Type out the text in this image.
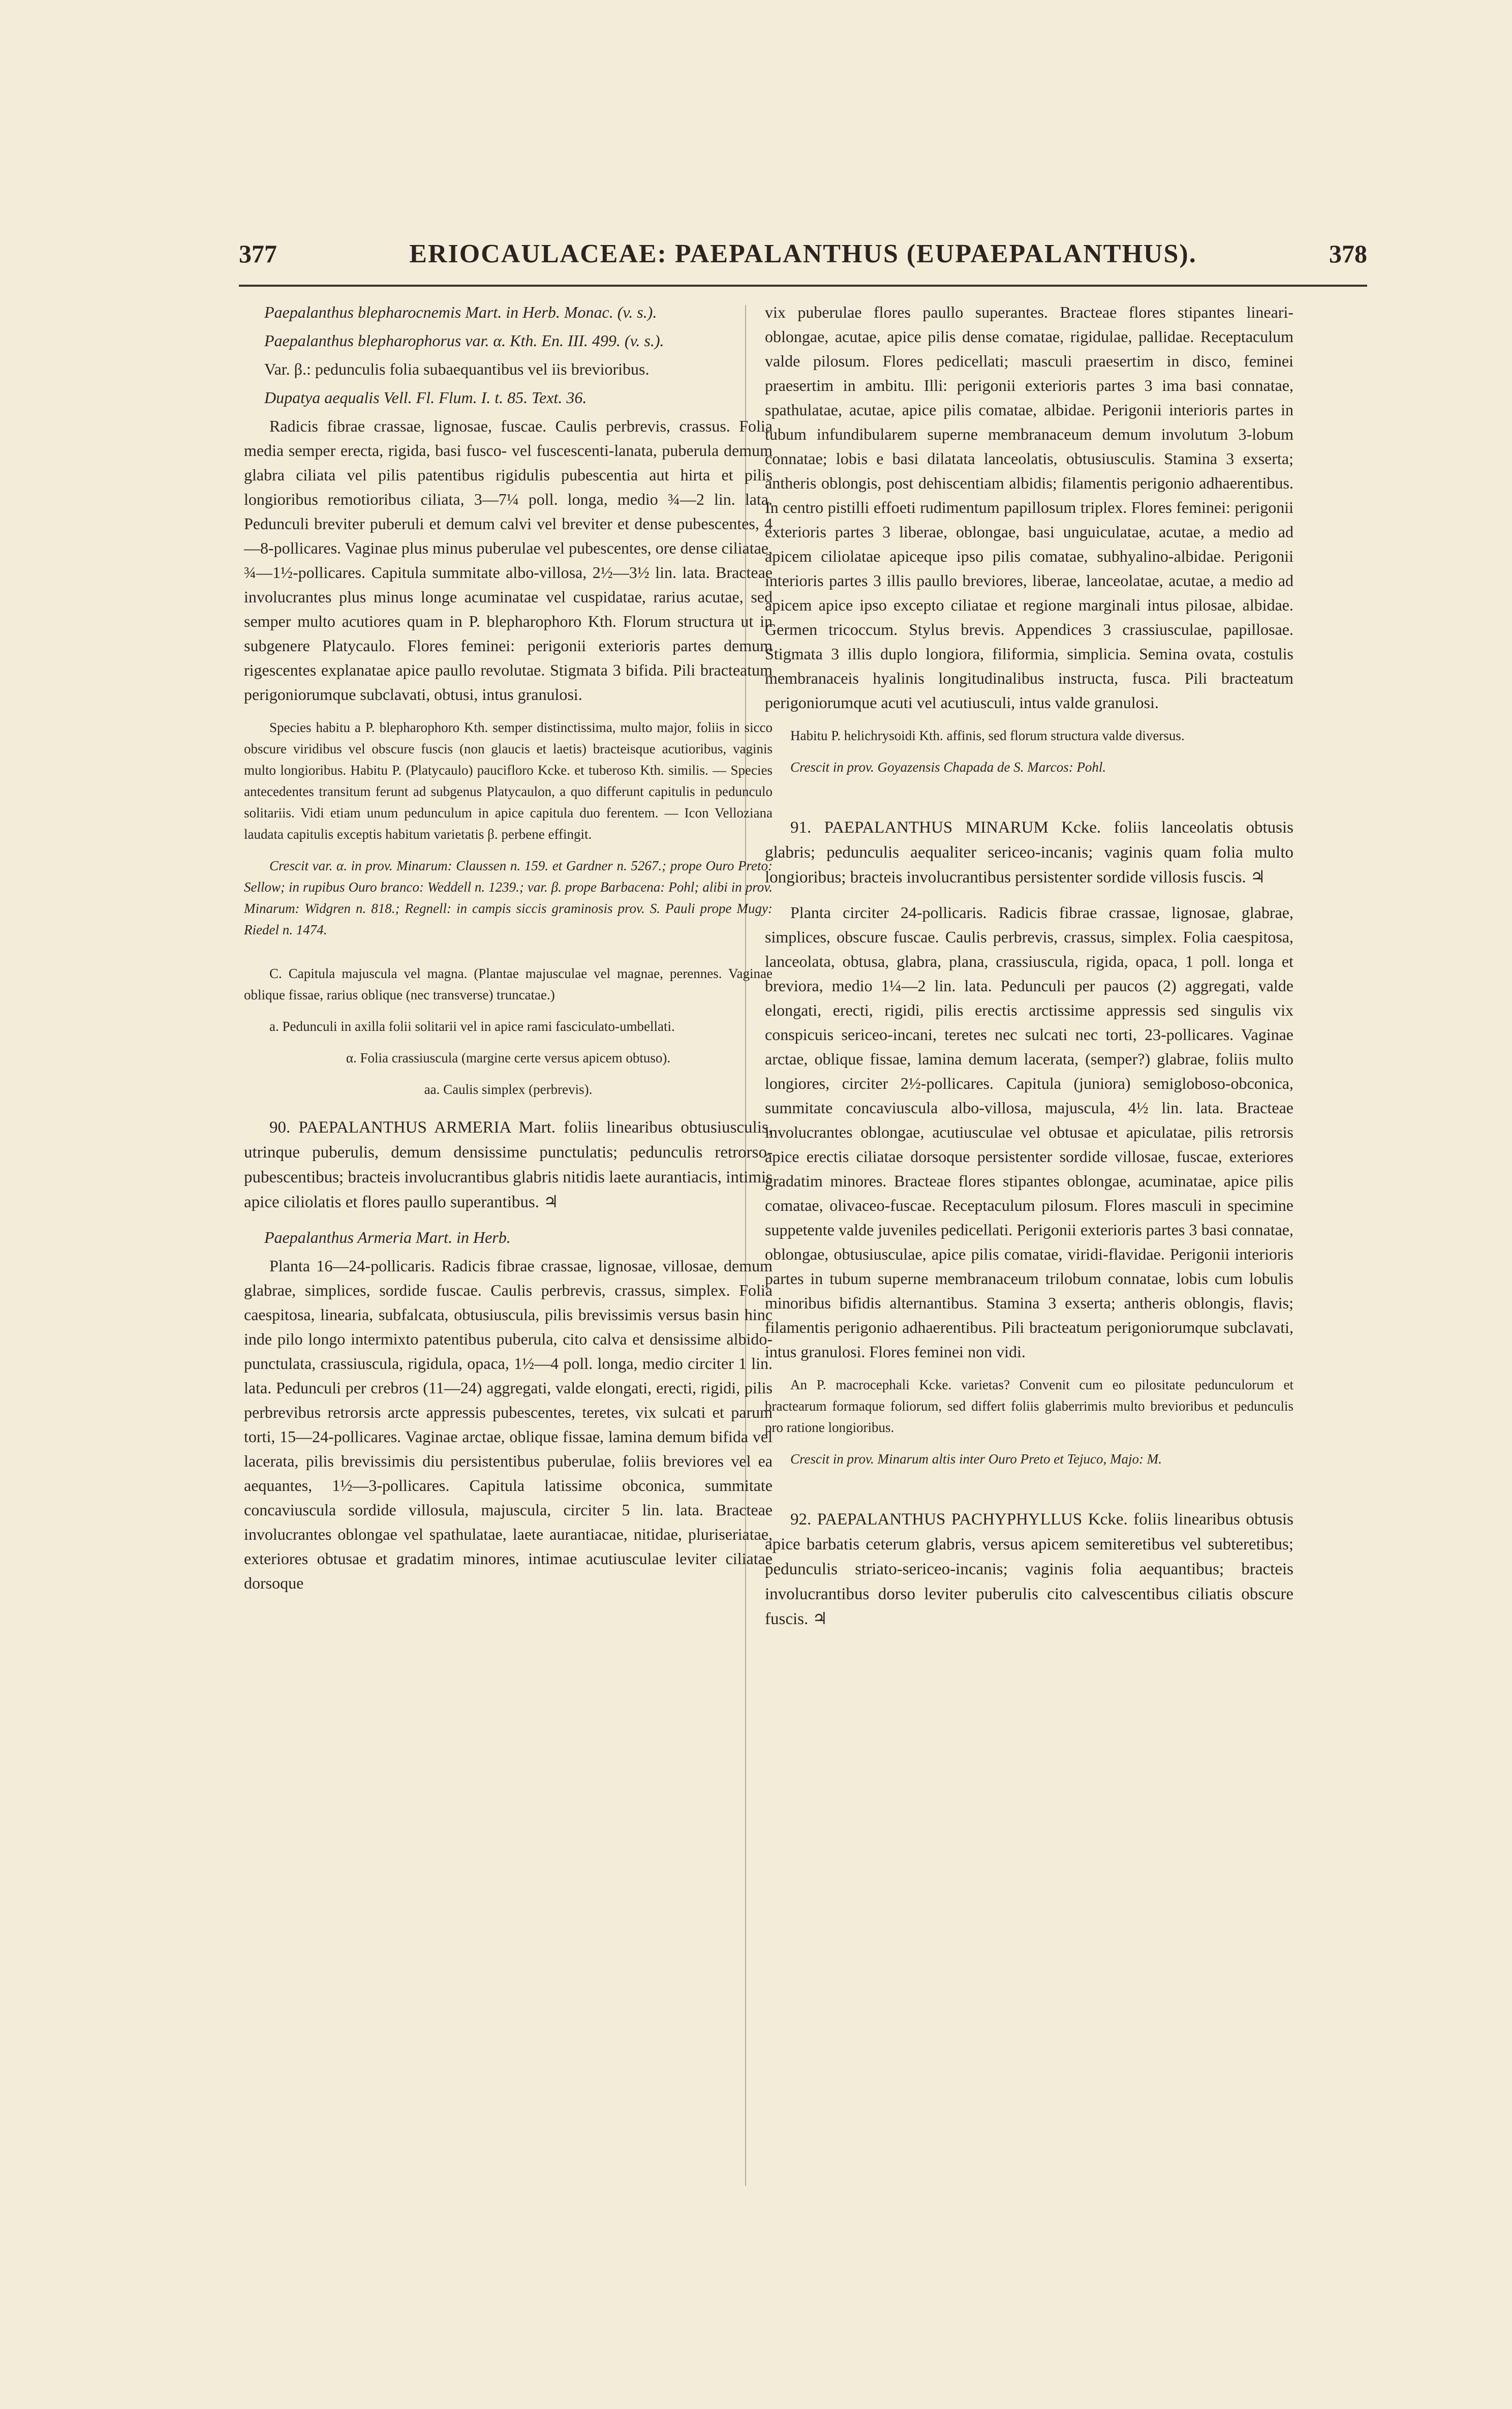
377	ERIOCAULACEAE: PAEPALANTHUS (EUPAEPALANTHUS).	378

Paepalanthus blepharocnemis Mart. in Herb. Monac. (v. s.).

Paepalanthus blepharophorus var. α. Kth. En. III. 499. (v. s.).

Var. β.: pedunculis folia subaequantibus vel iis brevioribus.

Dupatya aequalis Vell. Fl. Flum. I. t. 85. Text. 36.

Radicis fibrae crassae, lignosae, fuscae. Caulis perbrevis, crassus. Folia media semper erecta, rigida, basi fusco- vel fuscescenti-lanata, puberula demum glabra ciliata vel pilis patentibus rigidulis pubescentia aut hirta et pilis longioribus remotioribus ciliata, 3—7¼ poll. longa, medio ¾—2 lin. lata. Pedunculi breviter puberuli et demum calvi vel breviter et dense pubescentes, 4—8-pollicares. Vaginae plus minus puberulae vel pubescentes, ore dense ciliatae, ¾—1½-pollicares. Capitula summitate albo-villosa, 2½—3½ lin. lata. Bracteae involucrantes plus minus longe acuminatae vel cuspidatae, rarius acutae, sed semper multo acutiores quam in P. blepharophoro Kth. Florum structura ut in subgenere Platycaulo. Flores feminei: perigonii exterioris partes demum rigescentes explanatae apice paullo revolutae. Stigmata 3 bifida. Pili bracteatum perigoniorumque subclavati, obtusi, intus granulosi.

Species habitu a P. blepharophoro Kth. semper distinctissima, multo major, foliis in sicco obscure viridibus vel obscure fuscis (non glaucis et laetis) bracteisque acutioribus, vaginis multo longioribus. Habitu P. (Platycaulo) paucifloro Kcke. et tuberoso Kth. similis. — Species antecedentes transitum ferunt ad subgenus Platycaulon, a quo differunt capitulis in pedunculo solitariis. Vidi etiam unum pedunculum in apice capitula duo ferentem. — Icon Velloziana laudata capitulis exceptis habitum varietatis β. perbene effingit.

Crescit var. α. in prov. Minarum: Claussen n. 159. et Gardner n. 5267.; prope Ouro Preto: Sellow; in rupibus Ouro branco: Weddell n. 1239.; var. β. prope Barbacena: Pohl; alibi in prov. Minarum: Widgren n. 818.; Regnell: in campis siccis graminosis prov. S. Pauli prope Mugy: Riedel n. 1474.

C. Capitula majuscula vel magna. (Plantae majusculae vel magnae, perennes. Vaginae oblique fissae, rarius oblique (nec transverse) truncatae.)

a. Pedunculi in axilla folii solitarii vel in apice rami fasciculato-umbellati.

α. Folia crassiuscula (margine certe versus apicem obtuso).

aa. Caulis simplex (perbrevis).

90. PAEPALANTHUS ARMERIA Mart. foliis linearibus obtusiusculis, utrinque puberulis, demum densissime punctulatis; pedunculis retrorso-pubescentibus; bracteis involucrantibus glabris nitidis laete aurantiacis, intimis apice ciliolatis et flores paullo superantibus. ♃

Paepalanthus Armeria Mart. in Herb.

Planta 16—24-pollicaris. Radicis fibrae crassae, lignosae, villosae, demum glabrae, simplices, sordide fuscae. Caulis perbrevis, crassus, simplex. Folia caespitosa, linearia, subfalcata, obtusiuscula, pilis brevissimis versus basin hinc inde pilo longo intermixto patentibus puberula, cito calva et densissime albido-punctulata, crassiuscula, rigidula, opaca, 1½—4 poll. longa, medio circiter 1 lin. lata. Pedunculi per crebros (11—24) aggregati, valde elongati, erecti, rigidi, pilis perbrevibus retrorsis arcte appressis pubescentes, teretes, vix sulcati et parum torti, 15—24-pollicares. Vaginae arctae, oblique fissae, lamina demum bifida vel lacerata, pilis brevissimis diu persistentibus puberulae, foliis breviores vel ea aequantes, 1½—3-pollicares. Capitula latissime obconica, summitate concaviuscula sordide villosula, majuscula, circiter 5 lin. lata. Bracteae involucrantes oblongae vel spathulatae, laete aurantiacae, nitidae, pluriseriatae, exteriores obtusae et gradatim minores, intimae acutiusculae leviter ciliatae dorsoque

vix puberulae flores paullo superantes. Bracteae flores stipantes lineari-oblongae, acutae, apice pilis dense comatae, rigidulae, pallidae. Receptaculum valde pilosum. Flores pedicellati; masculi praesertim in disco, feminei praesertim in ambitu. Illi: perigonii exterioris partes 3 ima basi connatae, spathulatae, acutae, apice pilis comatae, albidae. Perigonii interioris partes in tubum infundibularem superne membranaceum demum involutum 3-lobum connatae; lobis e basi dilatata lanceolatis, obtusiusculis. Stamina 3 exserta; antheris oblongis, post dehiscentiam albidis; filamentis perigonio adhaerentibus. In centro pistilli effoeti rudimentum papillosum triplex. Flores feminei: perigonii exterioris partes 3 liberae, oblongae, basi unguiculatae, acutae, a medio ad apicem ciliolatae apiceque ipso pilis comatae, subhyalino-albidae. Perigonii interioris partes 3 illis paullo breviores, liberae, lanceolatae, acutae, a medio ad apicem apice ipso excepto ciliatae et regione marginali intus pilosae, albidae. Germen tricoccum. Stylus brevis. Appendices 3 crassiusculae, papillosae. Stigmata 3 illis duplo longiora, filiformia, simplicia. Semina ovata, costulis membranaceis hyalinis longitudinalibus instructa, fusca. Pili bracteatum perigoniorumque acuti vel acutiusculi, intus valde granulosi.

Habitu P. helichrysoidi Kth. affinis, sed florum structura valde diversus.

Crescit in prov. Goyazensis Chapada de S. Marcos: Pohl.

91. PAEPALANTHUS MINARUM Kcke. foliis lanceolatis obtusis glabris; pedunculis aequaliter sericeo-incanis; vaginis quam folia multo longioribus; bracteis involucrantibus persistenter sordide villosis fuscis. ♃

Planta circiter 24-pollicaris. Radicis fibrae crassae, lignosae, glabrae, simplices, obscure fuscae. Caulis perbrevis, crassus, simplex. Folia caespitosa, lanceolata, obtusa, glabra, plana, crassiuscula, rigida, opaca, 1 poll. longa et breviora, medio 1¼—2 lin. lata. Pedunculi per paucos (2) aggregati, valde elongati, erecti, rigidi, pilis erectis arctissime appressis sed singulis vix conspicuis sericeo-incani, teretes nec sulcati nec torti, 23-pollicares. Vaginae arctae, oblique fissae, lamina demum lacerata, (semper?) glabrae, foliis multo longiores, circiter 2½-pollicares. Capitula (juniora) semigloboso-obconica, summitate concaviuscula albo-villosa, majuscula, 4½ lin. lata. Bracteae involucrantes oblongae, acutiusculae vel obtusae et apiculatae, pilis retrorsis apice erectis ciliatae dorsoque persistenter sordide villosae, fuscae, exteriores gradatim minores. Bracteae flores stipantes oblongae, acuminatae, apice pilis comatae, olivaceo-fuscae. Receptaculum pilosum. Flores masculi in specimine suppetente valde juveniles pedicellati. Perigonii exterioris partes 3 basi connatae, oblongae, obtusiusculae, apice pilis comatae, viridi-flavidae. Perigonii interioris partes in tubum superne membranaceum trilobum connatae, lobis cum lobulis minoribus bifidis alternantibus. Stamina 3 exserta; antheris oblongis, flavis; filamentis perigonio adhaerentibus. Pili bracteatum perigoniorumque subclavati, intus granulosi. Flores feminei non vidi.

An P. macrocephali Kcke. varietas? Convenit cum eo pilositate pedunculorum et bractearum formaque foliorum, sed differt foliis glaberrimis multo brevioribus et pedunculis pro ratione longioribus.

Crescit in prov. Minarum altis inter Ouro Preto et Tejuco, Majo: M.

92. PAEPALANTHUS PACHYPHYLLUS Kcke. foliis linearibus obtusis apice barbatis ceterum glabris, versus apicem semiteretibus vel subteretibus; pedunculis striato-sericeo-incanis; vaginis folia aequantibus; bracteis involucrantibus dorso leviter puberulis cito calvescentibus ciliatis obscure fuscis. ♃
